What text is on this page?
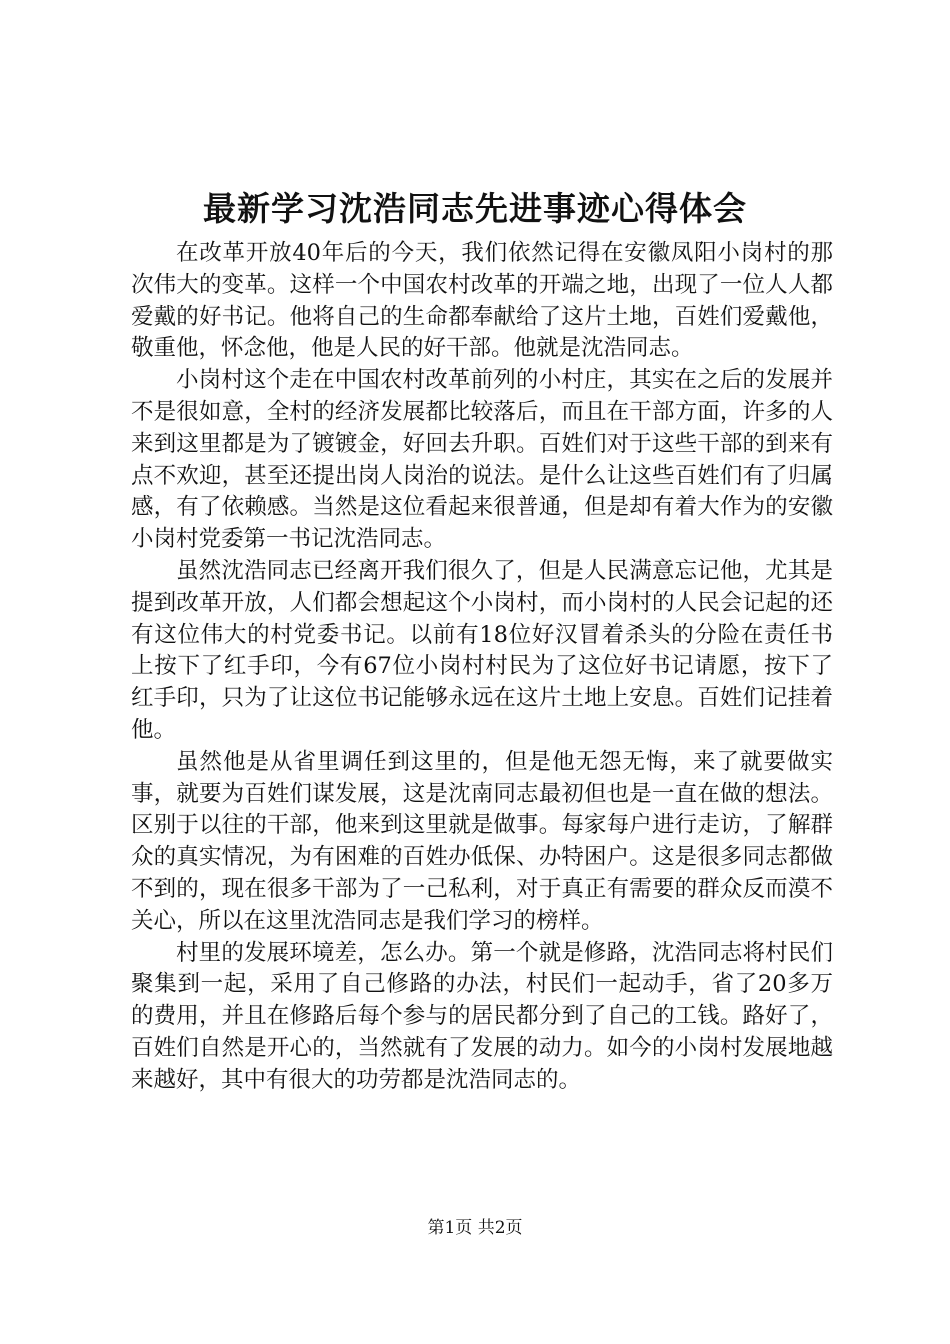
最新学习沈浩同志先进事迹心得体会

在改革开放40年后的今天，我们依然记得在安徽凤阳小岗村的那次伟大的变革。这样一个中国农村改革的开端之地，出现了一位人人都爱戴的好书记。他将自己的生命都奉献给了这片土地，百姓们爱戴他，敬重他，怀念他，他是人民的好干部。他就是沈浩同志。

小岗村这个走在中国农村改革前列的小村庄，其实在之后的发展并不是很如意，全村的经济发展都比较落后，而且在干部方面，许多的人来到这里都是为了镀镀金，好回去升职。百姓们对于这些干部的到来有点不欢迎，甚至还提出岗人岗治的说法。是什么让这些百姓们有了归属感，有了依赖感。当然是这位看起来很普通，但是却有着大作为的安徽小岗村党委第一书记沈浩同志。

虽然沈浩同志已经离开我们很久了，但是人民满意忘记他，尤其是提到改革开放，人们都会想起这个小岗村，而小岗村的人民会记起的还有这位伟大的村党委书记。以前有18位好汉冒着杀头的分险在责任书上按下了红手印，今有67位小岗村村民为了这位好书记请愿，按下了红手印，只为了让这位书记能够永远在这片土地上安息。百姓们记挂着他。

虽然他是从省里调任到这里的，但是他无怨无悔，来了就要做实事，就要为百姓们谋发展，这是沈南同志最初但也是一直在做的想法。区别于以往的干部，他来到这里就是做事。每家每户进行走访，了解群众的真实情况，为有困难的百姓办低保、办特困户。这是很多同志都做不到的，现在很多干部为了一己私利，对于真正有需要的群众反而漠不关心，所以在这里沈浩同志是我们学习的榜样。

村里的发展环境差，怎么办。第一个就是修路，沈浩同志将村民们聚集到一起，采用了自己修路的办法，村民们一起动手，省了20多万的费用，并且在修路后每个参与的居民都分到了自己的工钱。路好了，百姓们自然是开心的，当然就有了发展的动力。如今的小岗村发展地越来越好，其中有很大的功劳都是沈浩同志的。

第1页 共2页
